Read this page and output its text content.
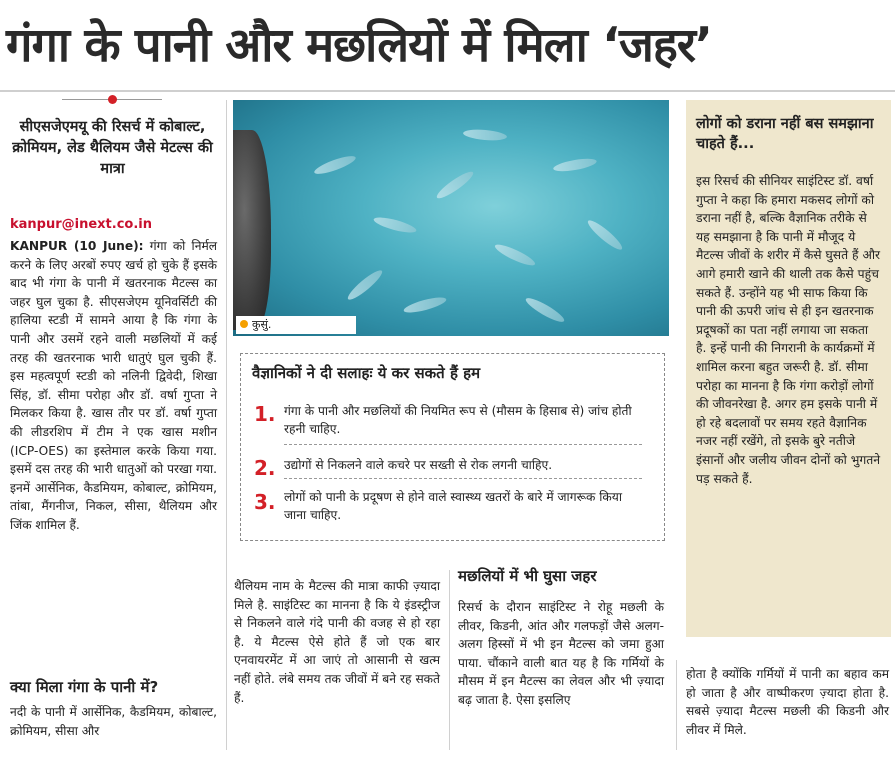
गंगा के पानी और मछलियों में मिला ‘जहर’
सीएसजेएमयू की रिसर्च में कोबाल्ट, क्रोमियम, लेड थैलियम जैसे मेटल्स की मात्रा
kanpur@inext.co.in
KANPUR (10 June): गंगा को निर्मल करने के लिए अरबों रुपए खर्च हो चुके हैं इसके बाद भी गंगा के पानी में खतरनाक मैटल्स का जहर घुल चुका है. सीएसजेएम यूनिवर्सिटी की हालिया स्टडी में सामने आया है कि गंगा के पानी और उसमें रहने वाली मछलियों में कई तरह की खतरनाक भारी धातुएं घुल चुकी हैं. इस महत्वपूर्ण स्टडी को नलिनी द्विवेदी, शिखा सिंह, डॉ. सीमा परोहा और डॉ. वर्षा गुप्ता ने मिलकर किया है. खास तौर पर डॉ. वर्षा गुप्ता की लीडरशिप में टीम ने एक खास मशीन (ICP-OES) का इस्तेमाल करके किया गया. इसमें दस तरह की भारी धातुओं को परखा गया. इनमें आर्सेनिक, कैडमियम, कोबाल्ट, क्रोमियम, तांबा, मैंगनीज, निकल, सीसा, थैलियम और जिंक शामिल हैं.
क्या मिला गंगा के पानी में?
नदी के पानी में आर्सेनिक, कैडमियम, कोबाल्ट, क्रोमियम, सीसा और
कुसुं.
वैज्ञानिकों ने दी सलाहः ये कर सकते हैं हम
1. गंगा के पानी और मछलियों की नियमित रूप से (मौसम के हिसाब से) जांच होती रहनी चाहिए.
2. उद्योगों से निकलने वाले कचरे पर सख्ती से रोक लगनी चाहिए.
3. लोगों को पानी के प्रदूषण से होने वाले स्वास्थ्य खतरों के बारे में जागरूक किया जाना चाहिए.
थैलियम नाम के मैटल्स की मात्रा काफी ज़्यादा मिले है. साइंटिस्ट का मानना है कि ये इंडस्ट्रीज से निकलने वाले गंदे पानी की वजह से हो रहा है. ये मैटल्स ऐसे होते हैं जो एक बार एनवायरमेंट में आ जाएं तो आसानी से खत्म नहीं होते. लंबे समय तक जीवों में बने रह सकते हैं.
मछलियों में भी घुसा जहर
रिसर्च के दौरान साइंटिस्ट ने रोहू मछली के लीवर, किडनी, आंत और गलफड़ों जैसे अलग-अलग हिस्सों में भी इन मैटल्स को जमा हुआ पाया. चौंकाने वाली बात यह है कि गर्मियों के मौसम में इन मैटल्स का लेवल और भी ज़्यादा बढ़ जाता है. ऐसा इसलिए
लोगों को डराना नहीं बस समझाना चाहते हैं...
इस रिसर्च की सीनियर साइंटिस्ट डॉ. वर्षा गुप्ता ने कहा कि हमारा मकसद लोगों को डराना नहीं है, बल्कि वैज्ञानिक तरीके से यह समझाना है कि पानी में मौजूद ये मैटल्स जीवों के शरीर में कैसे घुसते हैं और आगे हमारी खाने की थाली तक कैसे पहुंच सकते हैं. उन्होंने यह भी साफ किया कि पानी की ऊपरी जांच से ही इन खतरनाक प्रदूषकों का पता नहीं लगाया जा सकता है. इन्हें पानी की निगरानी के कार्यक्रमों में शामिल करना बहुत जरूरी है. डॉ. सीमा परोहा का मानना है कि गंगा करोड़ों लोगों की जीवनरेखा है. अगर हम इसके पानी में हो रहे बदलावों पर समय रहते वैज्ञानिक नजर नहीं रखेंगे, तो इसके बुरे नतीजे इंसानों और जलीय जीवन दोनों को भुगतने पड़ सकते हैं.
होता है क्योंकि गर्मियों में पानी का बहाव कम हो जाता है और वाष्पीकरण ज़्यादा होता है. सबसे ज़्यादा मैटल्स मछली की किडनी और लीवर में मिले.
